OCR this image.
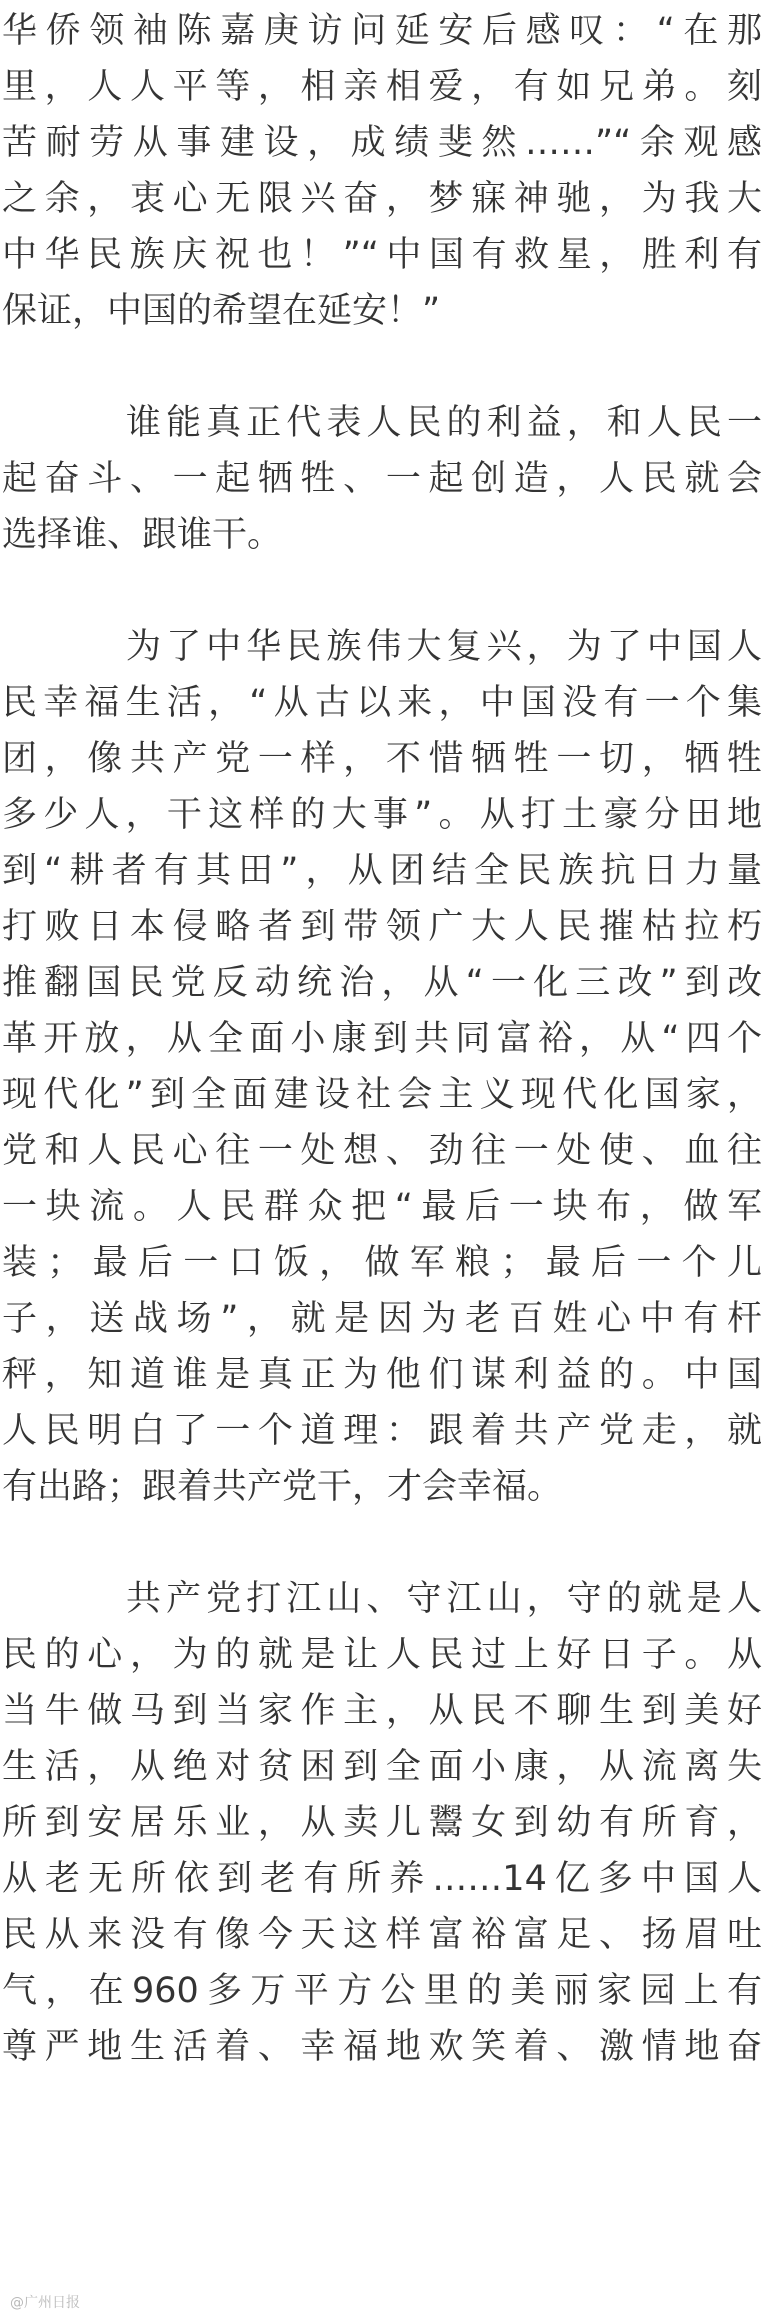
华侨领袖陈嘉庚访问延安后感叹：“在那

里，人人平等，相亲相爱，有如兄弟。刻

苦耐劳从事建设，成绩斐然……”“余观感

之余，衷心无限兴奋，梦寐神驰，为我大

中华民族庆祝也！”“中国有救星，胜利有

保证，中国的希望在延安！”

谁能真正代表人民的利益，和人民一

起奋斗、一起牺牲、一起创造，人民就会

选择谁、跟谁干。

为了中华民族伟大复兴，为了中国人

民幸福生活，“从古以来，中国没有一个集

团，像共产党一样，不惜牺牲一切，牺牲

多少人，干这样的大事”。从打土豪分田地

到“耕者有其田”，从团结全民族抗日力量

打败日本侵略者到带领广大人民摧枯拉朽

推翻国民党反动统治，从“一化三改”到改

革开放，从全面小康到共同富裕，从“四个

现代化”到全面建设社会主义现代化国家，

党和人民心往一处想、劲往一处使、血往

一块流。人民群众把“最后一块布，做军

装；最后一口饭，做军粮；最后一个儿

子，送战场”，就是因为老百姓心中有杆

秤，知道谁是真正为他们谋利益的。中国

人民明白了一个道理：跟着共产党走，就

有出路；跟着共产党干，才会幸福。

共产党打江山、守江山，守的就是人

民的心，为的就是让人民过上好日子。从

当牛做马到当家作主，从民不聊生到美好

生活，从绝对贫困到全面小康，从流离失

所到安居乐业，从卖儿鬻女到幼有所育，

从老无所依到老有所养……14亿多中国人

民从来没有像今天这样富裕富足、扬眉吐

气，在960多万平方公里的美丽家园上有

尊严地生活着、幸福地欢笑着、激情地奋

@广州日报
